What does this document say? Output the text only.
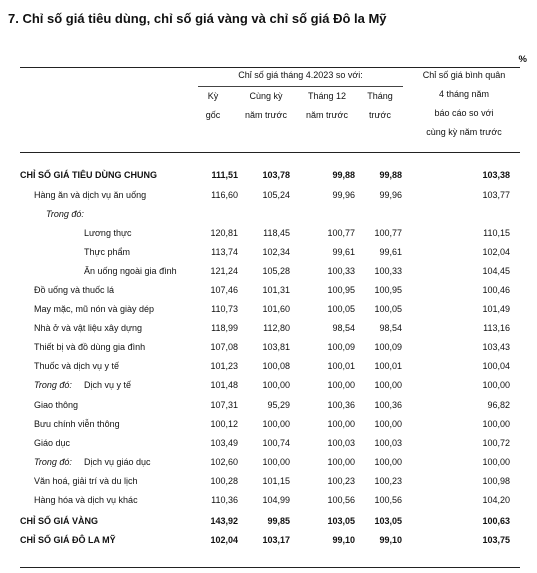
7. Chỉ số giá tiêu dùng, chỉ số giá vàng và chỉ số giá Đô la Mỹ
%
Chỉ số giá tháng 4.2023 so với:
Kỳ
gốc
Cùng kỳ
năm trước
Tháng 12
năm trước
Tháng
trước
Chỉ số giá bình quân
4 tháng năm
báo cáo so với
cùng kỳ năm trước
CHỈ SỐ GIÁ TIÊU DÙNG CHUNG	111,51	103,78	99,88	99,88	103,38
Hàng ăn và dịch vụ ăn uống	116,60	105,24	99,96	99,96	103,77
Trong đó:
Lương thực	120,81	118,45	100,77	100,77	110,15
Thực phẩm	113,74	102,34	99,61	99,61	102,04
Ăn uống ngoài gia đình	121,24	105,28	100,33	100,33	104,45
Đồ uống và thuốc lá	107,46	101,31	100,95	100,95	100,46
May mặc, mũ nón và giày dép	110,73	101,60	100,05	100,05	101,49
Nhà ở và vật liệu xây dựng	118,99	112,80	98,54	98,54	113,16
Thiết bị và đồ dùng gia đình	107,08	103,81	100,09	100,09	103,43
Thuốc và dịch vụ y tế	101,23	100,08	100,01	100,01	100,04
Trong đó: Dịch vụ y tế	101,48	100,00	100,00	100,00	100,00
Giao thông	107,31	95,29	100,36	100,36	96,82
Bưu chính viễn thông	100,12	100,00	100,00	100,00	100,00
Giáo dục	103,49	100,74	100,03	100,03	100,72
Trong đó: Dịch vụ giáo dục	102,60	100,00	100,00	100,00	100,00
Văn hoá, giải trí và du lịch	100,28	101,15	100,23	100,23	100,98
Hàng hóa và dịch vụ khác	110,36	104,99	100,56	100,56	104,20
CHỈ SỐ GIÁ VÀNG	143,92	99,85	103,05	103,05	100,63
CHỈ SỐ GIÁ ĐÔ LA MỸ	102,04	103,17	99,10	99,10	103,75
